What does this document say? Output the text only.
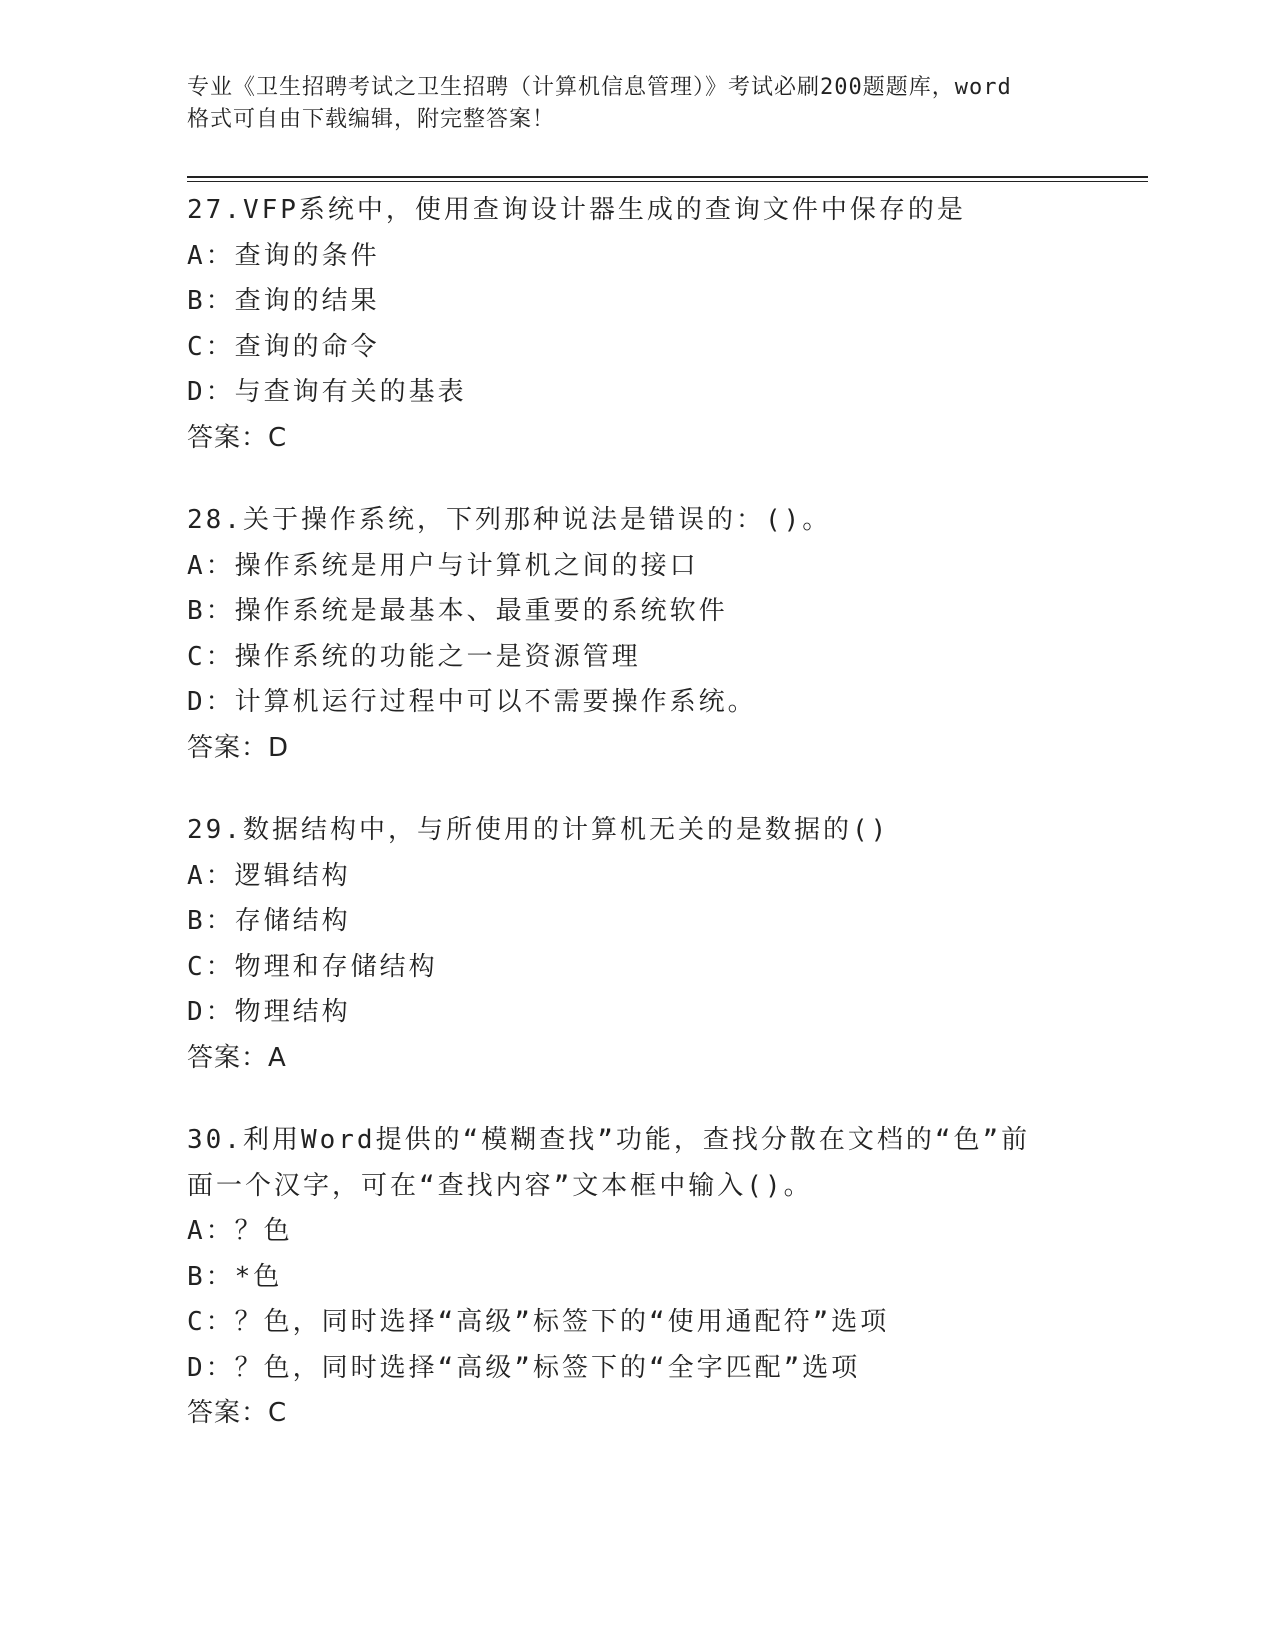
专业《卫生招聘考试之卫生招聘（计算机信息管理）》考试必刷200题题库，word
格式可自由下载编辑，附完整答案！
27.VFP系统中，使用查询设计器生成的查询文件中保存的是
A：查询的条件
B：查询的结果
C：查询的命令
D：与查询有关的基表
答案：C
28.关于操作系统，下列那种说法是错误的：()。
A：操作系统是用户与计算机之间的接口
B：操作系统是最基本、最重要的系统软件
C：操作系统的功能之一是资源管理
D：计算机运行过程中可以不需要操作系统。
答案：D
29.数据结构中，与所使用的计算机无关的是数据的()
A：逻辑结构
B：存储结构
C：物理和存储结构
D：物理结构
答案：A
30.利用Word提供的“模糊查找”功能，查找分散在文档的“色”前
面一个汉字，可在“查找内容”文本框中输入()。
A：？色
B：*色
C：？色，同时选择“高级”标签下的“使用通配符”选项
D：？色，同时选择“高级”标签下的“全字匹配”选项
答案：C
